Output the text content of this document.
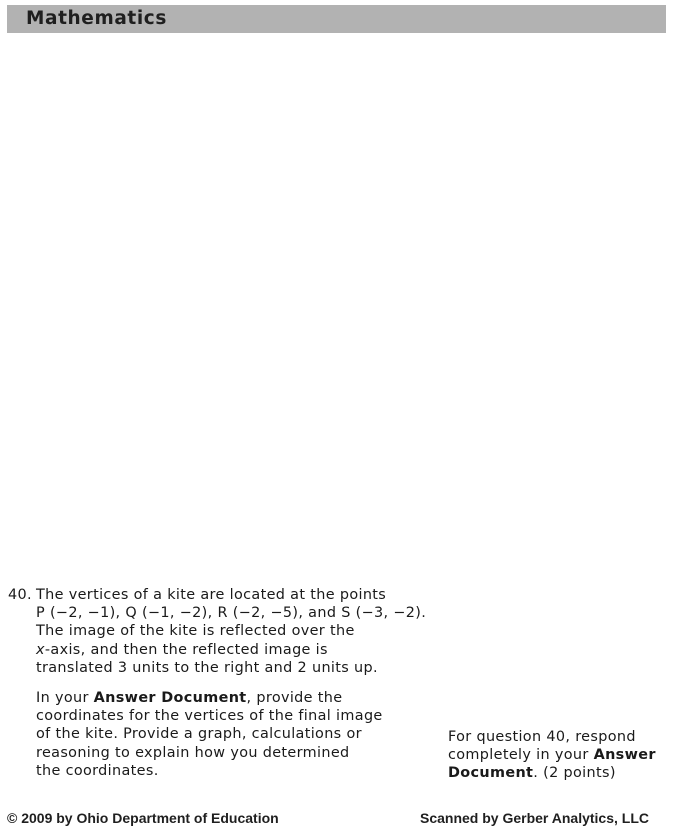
Mathematics
40. The vertices of a kite are located at the points
P (−2, −1), Q (−1, −2), R (−2, −5), and S (−3, −2).
The image of the kite is reflected over the
x-axis, and then the reflected image is
translated 3 units to the right and 2 units up.

In your Answer Document, provide the
coordinates for the vertices of the final image
of the kite. Provide a graph, calculations or
reasoning to explain how you determined
the coordinates.

For question 40, respond
completely in your Answer
Document. (2 points)
© 2009 by Ohio Department of Education	Scanned by Gerber Analytics, LLC
